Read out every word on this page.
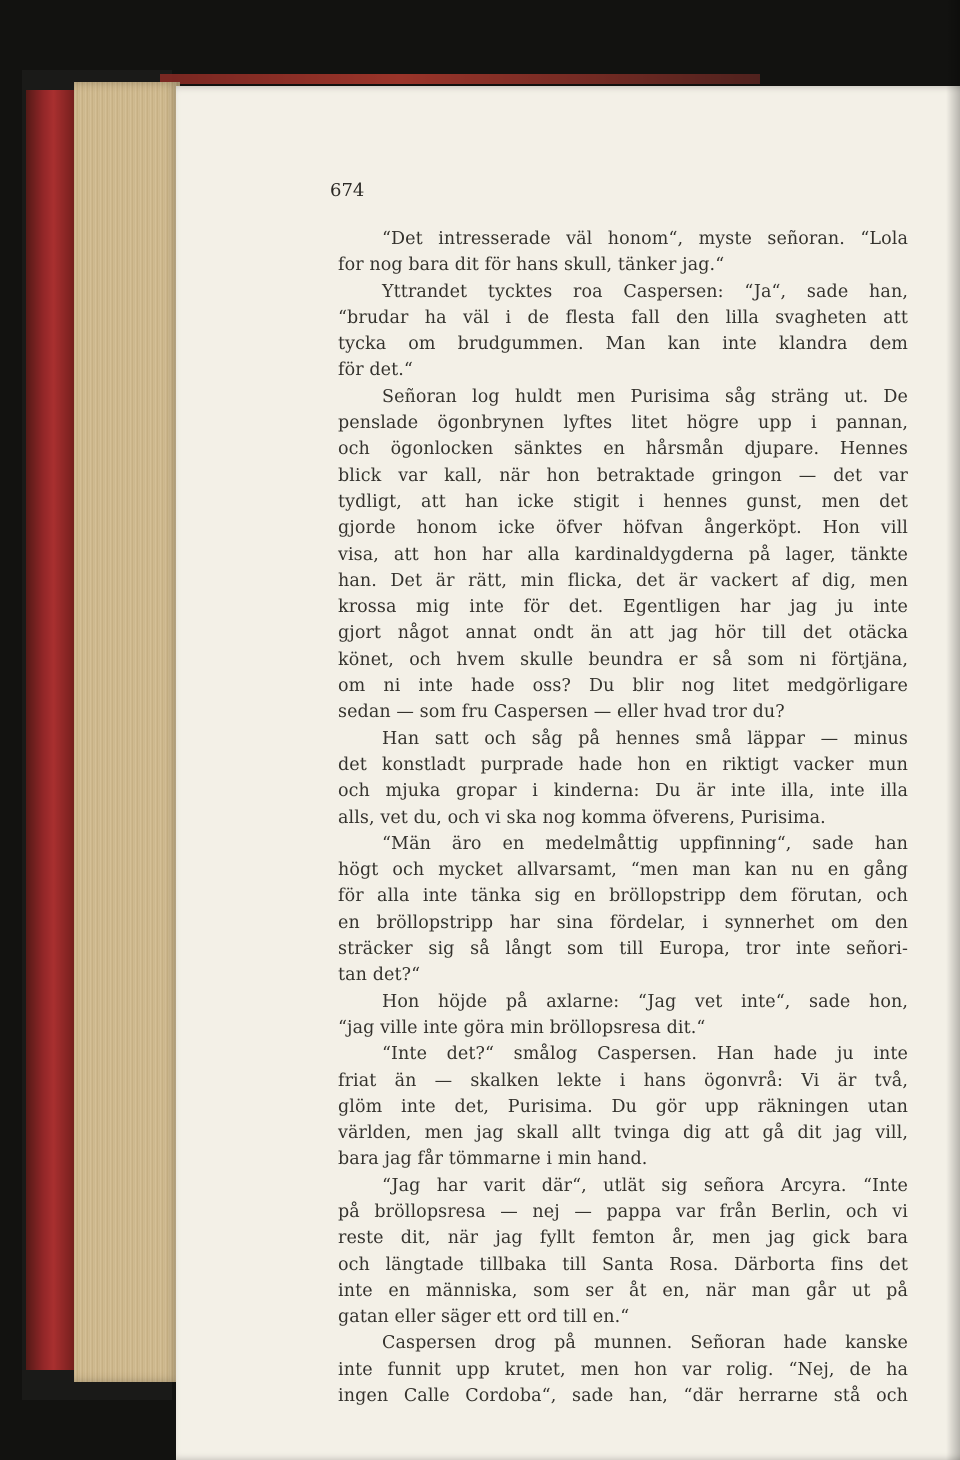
674

“Det intresserade väl honom“, myste señoran. “Lola
for nog bara dit för hans skull, tänker jag.“
Yttrandet tycktes roa Caspersen: “Ja“, sade han,
“brudar ha väl i de flesta fall den lilla svagheten att
tycka om brudgummen. Man kan inte klandra dem
för det.“
Señoran log huldt men Purisima såg sträng ut. De
penslade ögonbrynen lyftes litet högre upp i pannan,
och ögonlocken sänktes en hårsmån djupare. Hennes
blick var kall, när hon betraktade gringon — det var
tydligt, att han icke stigit i hennes gunst, men det
gjorde honom icke öfver höfvan ångerköpt. Hon vill
visa, att hon har alla kardinaldygderna på lager, tänkte
han. Det är rätt, min flicka, det är vackert af dig, men
krossa mig inte för det. Egentligen har jag ju inte
gjort något annat ondt än att jag hör till det otäcka
könet, och hvem skulle beundra er så som ni förtjäna,
om ni inte hade oss? Du blir nog litet medgörligare
sedan — som fru Caspersen — eller hvad tror du?
Han satt och såg på hennes små läppar — minus
det konstladt purprade hade hon en riktigt vacker mun
och mjuka gropar i kinderna: Du är inte illa, inte illa
alls, vet du, och vi ska nog komma öfverens, Purisima.
“Män äro en medelmåttig uppfinning“, sade han
högt och mycket allvarsamt, “men man kan nu en gång
för alla inte tänka sig en bröllopstripp dem förutan, och
en bröllopstripp har sina fördelar, i synnerhet om den
sträcker sig så långt som till Europa, tror inte señori-
tan det?“
Hon höjde på axlarne: “Jag vet inte“, sade hon,
“jag ville inte göra min bröllopsresa dit.“
“Inte det?“ smålog Caspersen. Han hade ju inte
friat än — skalken lekte i hans ögonvrå: Vi är två,
glöm inte det, Purisima. Du gör upp räkningen utan
världen, men jag skall allt tvinga dig att gå dit jag vill,
bara jag får tömmarne i min hand.
“Jag har varit där“, utlät sig señora Arcyra. “Inte
på bröllopsresa — nej — pappa var från Berlin, och vi
reste dit, när jag fyllt femton år, men jag gick bara
och längtade tillbaka till Santa Rosa. Därborta fins det
inte en människa, som ser åt en, när man går ut på
gatan eller säger ett ord till en.“
Caspersen drog på munnen. Señoran hade kanske
inte funnit upp krutet, men hon var rolig. “Nej, de ha
ingen Calle Cordoba“, sade han, “där herrarne stå och
